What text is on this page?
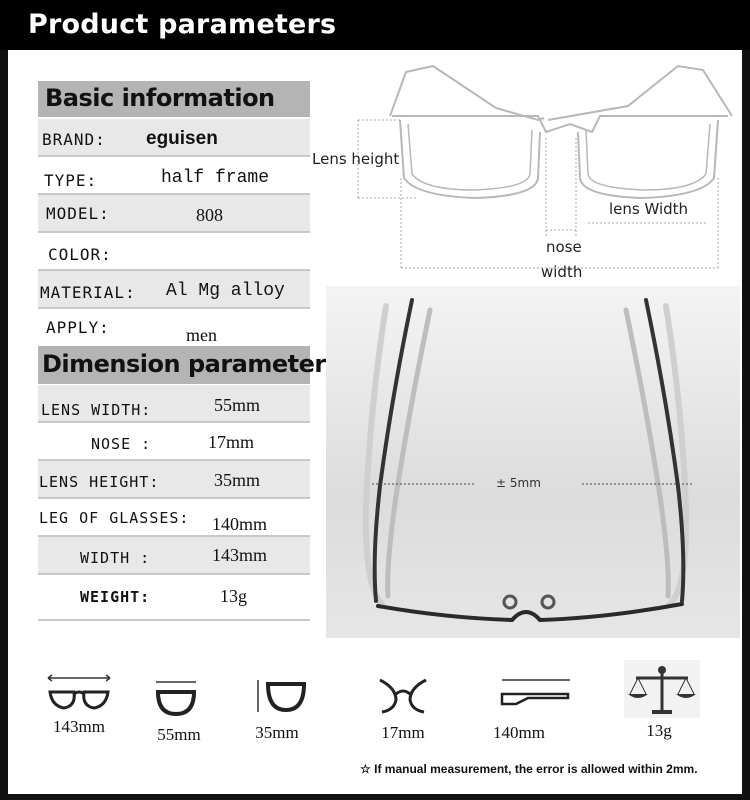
Product parameters
Basic information
BRAND: eguisen
TYPE:	half frame
MODEL:	808
COLOR:
MATERIAL: Al Mg alloy
APPLY:	men
Dimension parameter
LENS WIDTH:	55mm
NOSE :	17mm
LENS HEIGHT:	35mm
LEG OF GLASSES: 140mm
WIDTH :	143mm
WEIGHT:	13g
Lens height
lens Width
nose
width
± 5mm
143mm	55mm	35mm	17mm	140mm	13g
☆ If manual measurement, the error is allowed within 2mm.
